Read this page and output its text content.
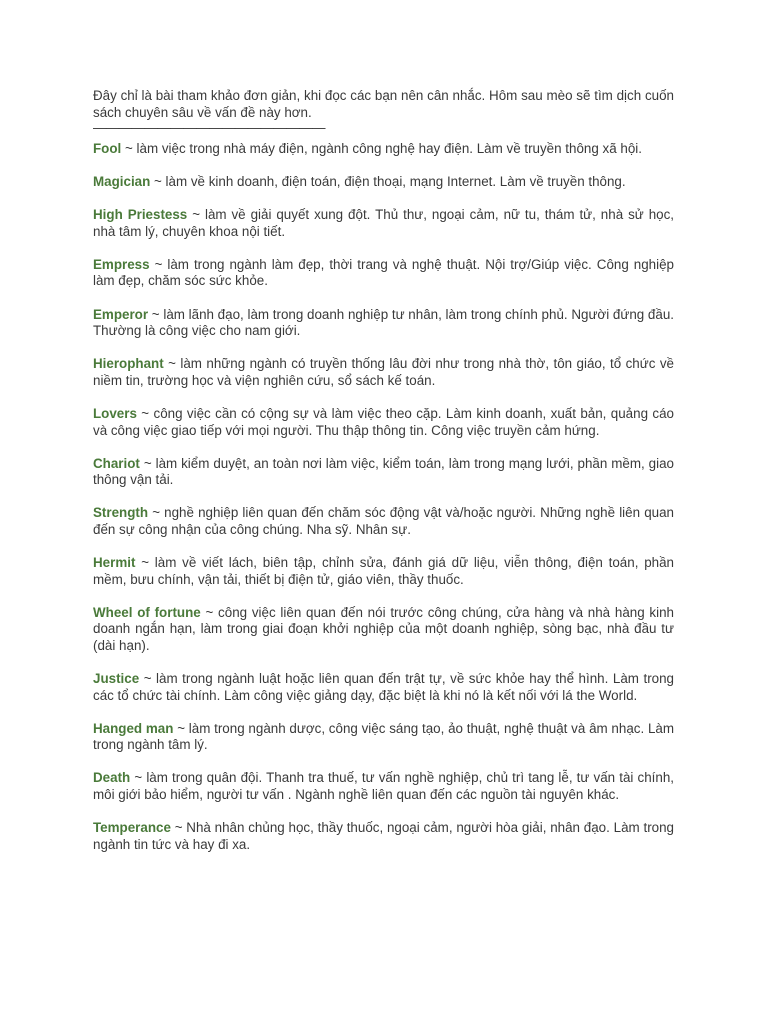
Đây chỉ là bài tham khảo đơn giản, khi đọc các bạn nên cân nhắc. Hôm sau mèo sẽ tìm dịch cuốn sách chuyên sâu về vấn đề này hơn.

——————————————————

Fool ~ làm việc trong nhà máy điện, ngành công nghệ hay điện. Làm về truyền thông xã hội.

Magician ~ làm về kinh doanh, điện toán, điện thoại, mạng Internet. Làm về truyền thông.

High Priestess ~ làm về giải quyết xung đột. Thủ thư, ngoại cảm, nữ tu, thám tử, nhà sử học, nhà tâm lý, chuyên khoa nội tiết.

Empress ~ làm trong ngành làm đẹp, thời trang và nghệ thuật. Nội trợ/Giúp việc. Công nghiệp làm đẹp, chăm sóc sức khỏe.

Emperor ~ làm lãnh đạo, làm trong doanh nghiệp tư nhân, làm trong chính phủ. Người đứng đầu. Thường là công việc cho nam giới.

Hierophant ~ làm những ngành có truyền thống lâu đời như trong nhà thờ, tôn giáo, tổ chức về niềm tin, trường học và viện nghiên cứu, sổ sách kế toán.

Lovers ~ công việc cần có cộng sự và làm việc theo cặp. Làm kinh doanh, xuất bản, quảng cáo và công việc giao tiếp với mọi người. Thu thập thông tin. Công việc truyền cảm hứng.

Chariot ~ làm kiểm duyệt, an toàn nơi làm việc, kiểm toán, làm trong mạng lưới, phần mềm, giao thông vận tải.

Strength ~ nghề nghiệp liên quan đến chăm sóc động vật và/hoặc người. Những nghề liên quan đến sự công nhận của công chúng. Nha sỹ. Nhân sự.

Hermit ~ làm về viết lách, biên tập, chỉnh sửa, đánh giá dữ liệu, viễn thông, điện toán, phần mềm, bưu chính, vận tải, thiết bị điện tử, giáo viên, thầy thuốc.

Wheel of fortune ~ công việc liên quan đến nói trước công chúng, cửa hàng và nhà hàng kinh doanh ngắn hạn, làm trong giai đoạn khởi nghiệp của một doanh nghiệp, sòng bạc, nhà đầu tư (dài hạn).

Justice ~ làm trong ngành luật hoặc liên quan đến trật tự, về sức khỏe hay thể hình. Làm trong các tổ chức tài chính. Làm công việc giảng dạy, đặc biệt là khi nó là kết nối với lá the World.

Hanged man ~ làm trong ngành dược, công việc sáng tạo, ảo thuật, nghệ thuật và âm nhạc. Làm trong ngành tâm lý.

Death ~ làm trong quân đội. Thanh tra thuế, tư vấn nghề nghiệp, chủ trì tang lễ, tư vấn tài chính, môi giới bảo hiểm, người tư vấn . Ngành nghề liên quan đến các nguồn tài nguyên khác.

Temperance ~ Nhà nhân chủng học, thầy thuốc, ngoại cảm, người hòa giải, nhân đạo. Làm trong ngành tin tức và hay đi xa.
